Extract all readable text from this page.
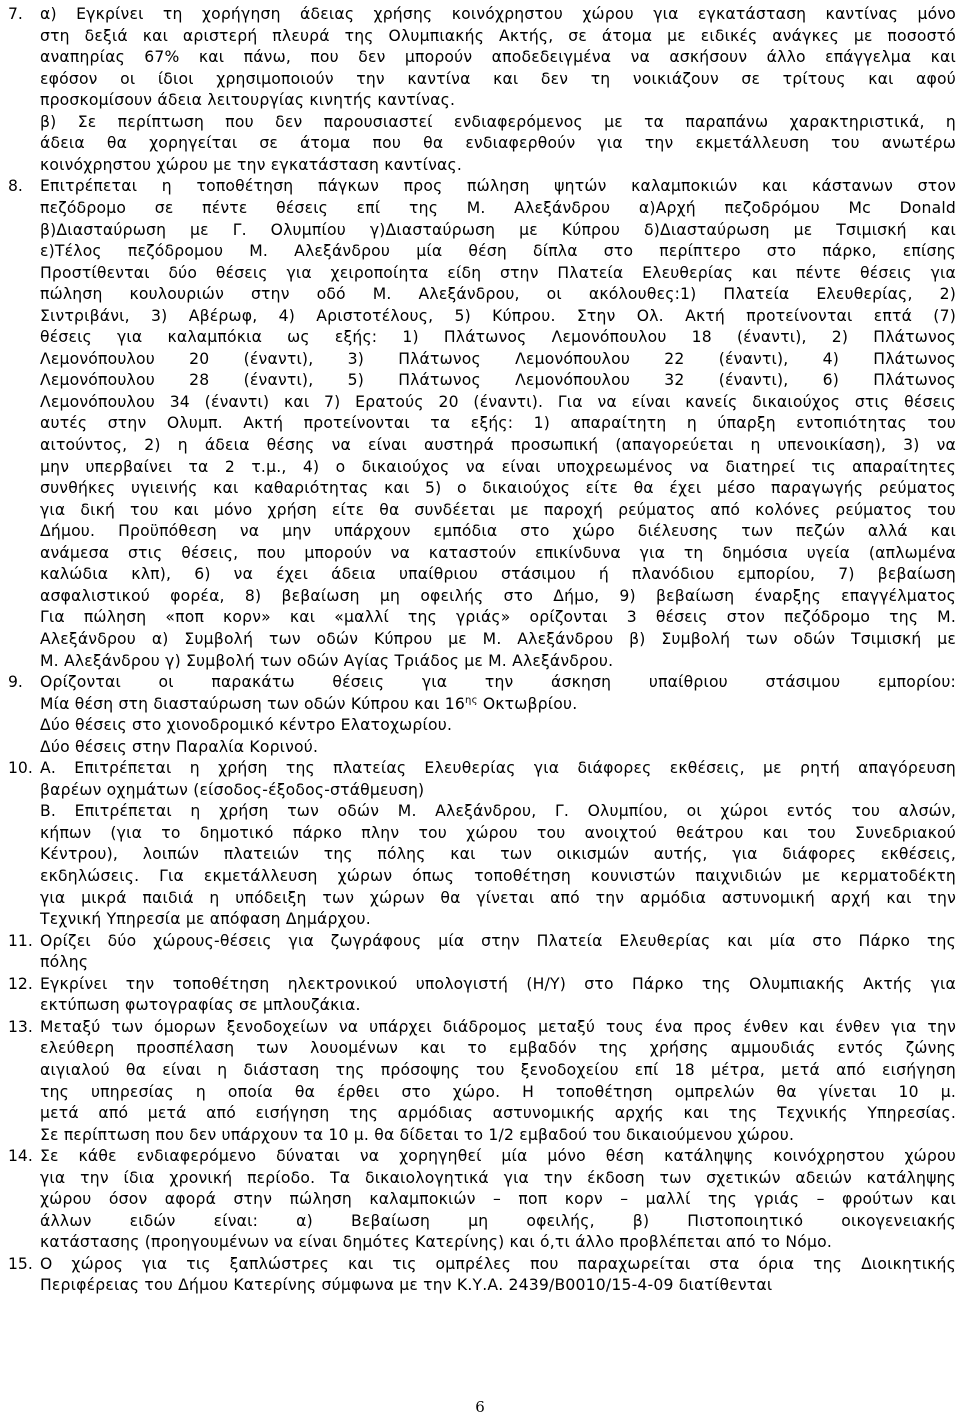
7. α) Εγκρίνει τη χορήγηση άδειας χρήσης κοινόχρηστου χώρου για εγκατάσταση καντίνας μόνο
στη δεξιά και αριστερή πλευρά της Ολυμπιακής Ακτής, σε άτομα με ειδικές ανάγκες με ποσοστό
αναπηρίας 67% και πάνω, που δεν μπορούν αποδεδειγμένα να ασκήσουν άλλο επάγγελμα και
εφόσον οι ίδιοι χρησιμοποιούν την καντίνα και δεν τη νοικιάζουν σε τρίτους και αφού
προσκομίσουν άδεια λειτουργίας κινητής καντίνας.
β) Σε περίπτωση που δεν παρουσιαστεί ενδιαφερόμενος με τα παραπάνω χαρακτηριστικά, η
άδεια θα χορηγείται σε άτομα που θα ενδιαφερθούν για την εκμετάλλευση του ανωτέρω
κοινόχρηστου χώρου με την εγκατάσταση καντίνας.
8. Επιτρέπεται η τοποθέτηση πάγκων προς πώληση ψητών καλαμποκιών και κάστανων στον
πεζόδρομο σε πέντε θέσεις επί της Μ. Αλεξάνδρου α)Αρχή πεζοδρόμου Mc Donald
β)Διασταύρωση με Γ. Ολυμπίου γ)Διασταύρωση με Κύπρου δ)Διασταύρωση με Τσιμισκή και
ε)Τέλος πεζόδρομου Μ. Αλεξάνδρου μία θέση δίπλα στο περίπτερο στο πάρκο, επίσης
Προστίθενται δύο θέσεις για χειροποίητα είδη στην Πλατεία Ελευθερίας και πέντε θέσεις για
πώληση κουλουριών στην οδό Μ. Αλεξάνδρου, οι ακόλουθες:1) Πλατεία Ελευθερίας, 2)
Σιντριβάνι, 3) Αβέρωφ, 4) Αριστοτέλους, 5) Κύπρου. Στην Ολ. Ακτή προτείνονται επτά (7)
θέσεις για καλαμπόκια ως εξής: 1) Πλάτωνος Λεμονόπουλου 18 (έναντι), 2) Πλάτωνος
Λεμονόπουλου 20 (έναντι), 3) Πλάτωνος Λεμονόπουλου 22 (έναντι), 4) Πλάτωνος
Λεμονόπουλου 28 (έναντι), 5) Πλάτωνος Λεμονόπουλου 32 (έναντι), 6) Πλάτωνος
Λεμονόπουλου 34 (έναντι) και 7) Ερατούς 20 (έναντι). Για να είναι κανείς δικαιούχος στις θέσεις
αυτές στην Ολυμπ. Ακτή προτείνονται τα εξής: 1) απαραίτητη η ύπαρξη εντοπιότητας του
αιτούντος, 2) η άδεια θέσης να είναι αυστηρά προσωπική (απαγορεύεται η υπενοικίαση), 3) να
μην υπερβαίνει τα 2 τ.μ., 4) ο δικαιούχος να είναι υποχρεωμένος να διατηρεί τις απαραίτητες
συνθήκες υγιεινής και καθαριότητας και 5) ο δικαιούχος είτε θα έχει μέσο παραγωγής ρεύματος
για δική του και μόνο χρήση είτε θα συνδέεται με παροχή ρεύματος από κολόνες ρεύματος του
Δήμου. Προϋπόθεση να μην υπάρχουν εμπόδια στο χώρο διέλευσης των πεζών αλλά και
ανάμεσα στις θέσεις, που μπορούν να καταστούν επικίνδυνα για τη δημόσια υγεία (απλωμένα
καλώδια κλπ), 6) να έχει άδεια υπαίθριου στάσιμου ή πλανόδιου εμπορίου, 7) βεβαίωση
ασφαλιστικού φορέα, 8) βεβαίωση μη οφειλής στο Δήμο, 9) βεβαίωση έναρξης επαγγέλματος
Για πώληση «ποπ κορν» και «μαλλί της γριάς» ορίζονται 3 θέσεις στον πεζόδρομο της Μ.
Αλεξάνδρου α) Συμβολή των οδών Κύπρου με Μ. Αλεξάνδρου β) Συμβολή των οδών Τσιμισκή με
Μ. Αλεξάνδρου γ) Συμβολή των οδών Αγίας Τριάδος με Μ. Αλεξάνδρου.
9. Ορίζονται οι παρακάτω θέσεις για την άσκηση υπαίθριου στάσιμου εμπορίου:
Μία θέση στη διασταύρωση των οδών Κύπρου και $16^{\eta\varsigma}$ Οκτωβρίου.
Δύο θέσεις στο χιονοδρομικό κέντρο Ελατοχωρίου.
Δύο θέσεις στην Παραλία Κορινού.
10. Α. Επιτρέπεται η χρήση της πλατείας Ελευθερίας για διάφορες εκθέσεις, με ρητή απαγόρευση
βαρέων οχημάτων (είσοδος-έξοδος-στάθμευση)
Β. Επιτρέπεται η χρήση των οδών Μ. Αλεξάνδρου, Γ. Ολυμπίου, οι χώροι εντός του αλσών,
κήπων (για το δημοτικό πάρκο πλην του χώρου του ανοιχτού θεάτρου και του Συνεδριακού
Κέντρου), λοιπών πλατειών της πόλης και των οικισμών αυτής, για διάφορες εκθέσεις,
εκδηλώσεις. Για εκμετάλλευση χώρων όπως τοποθέτηση κουνιστών παιχνιδιών με κερματοδέκτη
για μικρά παιδιά η υπόδειξη των χώρων θα γίνεται από την αρμόδια αστυνομική αρχή και την
Τεχνική Υπηρεσία με απόφαση Δημάρχου.
11. Ορίζει δύο χώρους-θέσεις για ζωγράφους μία στην Πλατεία Ελευθερίας και μία στο Πάρκο της
πόλης
12. Εγκρίνει την τοποθέτηση ηλεκτρονικού υπολογιστή (Η/Υ) στο Πάρκο της Ολυμπιακής Ακτής για
εκτύπωση φωτογραφίας σε μπλουζάκια.
13. Μεταξύ των όμορων ξενοδοχείων να υπάρχει διάδρομος μεταξύ τους ένα προς ένθεν και ένθεν για την
ελεύθερη προσπέλαση των λουομένων και το εμβαδόν της χρήσης αμμουδιάς εντός ζώνης
αιγιαλού θα είναι η διάσταση της πρόσοψης του ξενοδοχείου επί 18 μέτρα, μετά από εισήγηση
της υπηρεσίας η οποία θα έρθει στο χώρο. Η τοποθέτηση ομπρελών θα γίνεται 10 μ.
μετά από μετά από εισήγηση της αρμόδιας αστυνομικής αρχής και της Τεχνικής Υπηρεσίας.
Σε περίπτωση που δεν υπάρχουν τα 10 μ. θα δίδεται το 1/2 εμβαδού του δικαιούμενου χώρου.
14. Σε κάθε ενδιαφερόμενο δύναται να χορηγηθεί μία μόνο θέση κατάληψης κοινόχρηστου χώρου
για την ίδια χρονική περίοδο. Τα δικαιολογητικά για την έκδοση των σχετικών αδειών κατάληψης
χώρου όσον αφορά στην πώληση καλαμποκιών – ποπ κορν – μαλλί της γριάς – φρούτων και
άλλων ειδών είναι: α) Βεβαίωση μη οφειλής, β) Πιστοποιητικό οικογενειακής
κατάστασης (προηγουμένων να είναι δημότες Κατερίνης) και ό,τι άλλο προβλέπεται από το Νόμο.
15. Ο χώρος για τις ξαπλώστρες και τις ομπρέλες που παραχωρείται στα όρια της Διοικητικής
Περιφέρειας του Δήμου Κατερίνης σύμφωνα με την Κ.Υ.Α. 2439/Β0010/15-4-09 διατίθενται
6
